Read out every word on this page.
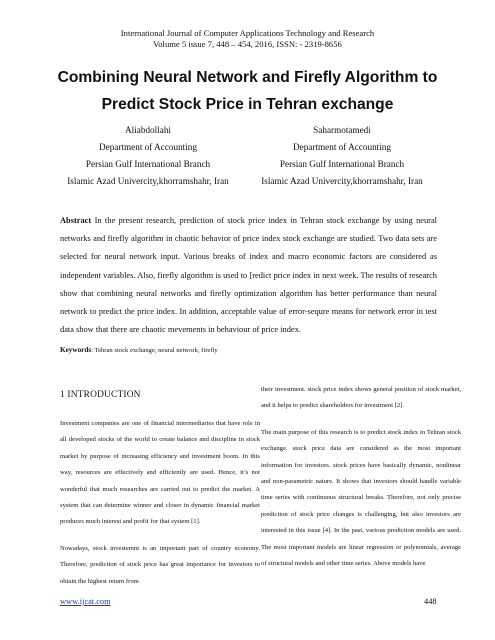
International Journal of Computer Applications Technology and Research
Volume 5 issue 7, 448 – 454, 2016, ISSN: - 2319-8656
Combining Neural Network and Firefly Algorithm to
Predict Stock Price in Tehran exchange
Aliabdollahi
Department of Accounting
Persian Gulf International Branch
Islamic Azad Univercity,khorramshahr, Iran
Saharmotamedi
Department of Accounting
Persian Gulf International Branch
Islamic Azad Univercity,khorramshahr, Iran
Abstract In the present research, prediction of stock price index in Tehran stock exchange by using neural networks and firefly algorithm in chaotic behavior of price index stock exchange are studied. Two data sets are selected for neural network input. Various breaks of index and macro economic factors are considered as independent variables. Also, firefly algorithm is used to [redict price index in next week. The results of research show that combining neural networks and firefly optimization algorithm has better performance than neural network to predict the price index. In addition, acceptable value of error-sequre means for network error in test data show that there are chaotic mevements in behaviour of price index.
Keywords: Tehran stock exchange, neural network, firefly
1 INTRODUCTION

Investment companies are one of financial intermediaries that have role in all developed stocks of the world to create balance and discipline in stock market by purpose of increasing efficiency and investment boom. In this way, resources are effectively and efficiently are used. Hence, it’s not wonderful that much researches are carried out to predict the market. A system that can determine winner and closer in dynamic financial market produces much interest and profit for that system [1].

Nowadays, stock investemnt is an important part of country economy. Therefore, prediction of stock price has great importance for investors to obtain the highest return from

their investment. stock price index shows general position of stock market, and it helps to predict shareholders for investment [2].

The main purpose of this research is to predict stock index in Tehran stock exchange. stock price data are considered as the most important information for investors. stock prices have basically dynamic, nonlinear and non-parametric nature. It shows that investors should handle variable time series with continuous structural breaks. Therefore, not only precise prediction of stock price changes is challenging, but also investors are interested in this issue [4]. In the past, various prediction models are used. The most important models are linear regression or polynomials, average of structural models and other time series. Above models have

www.ijcat.com	448
